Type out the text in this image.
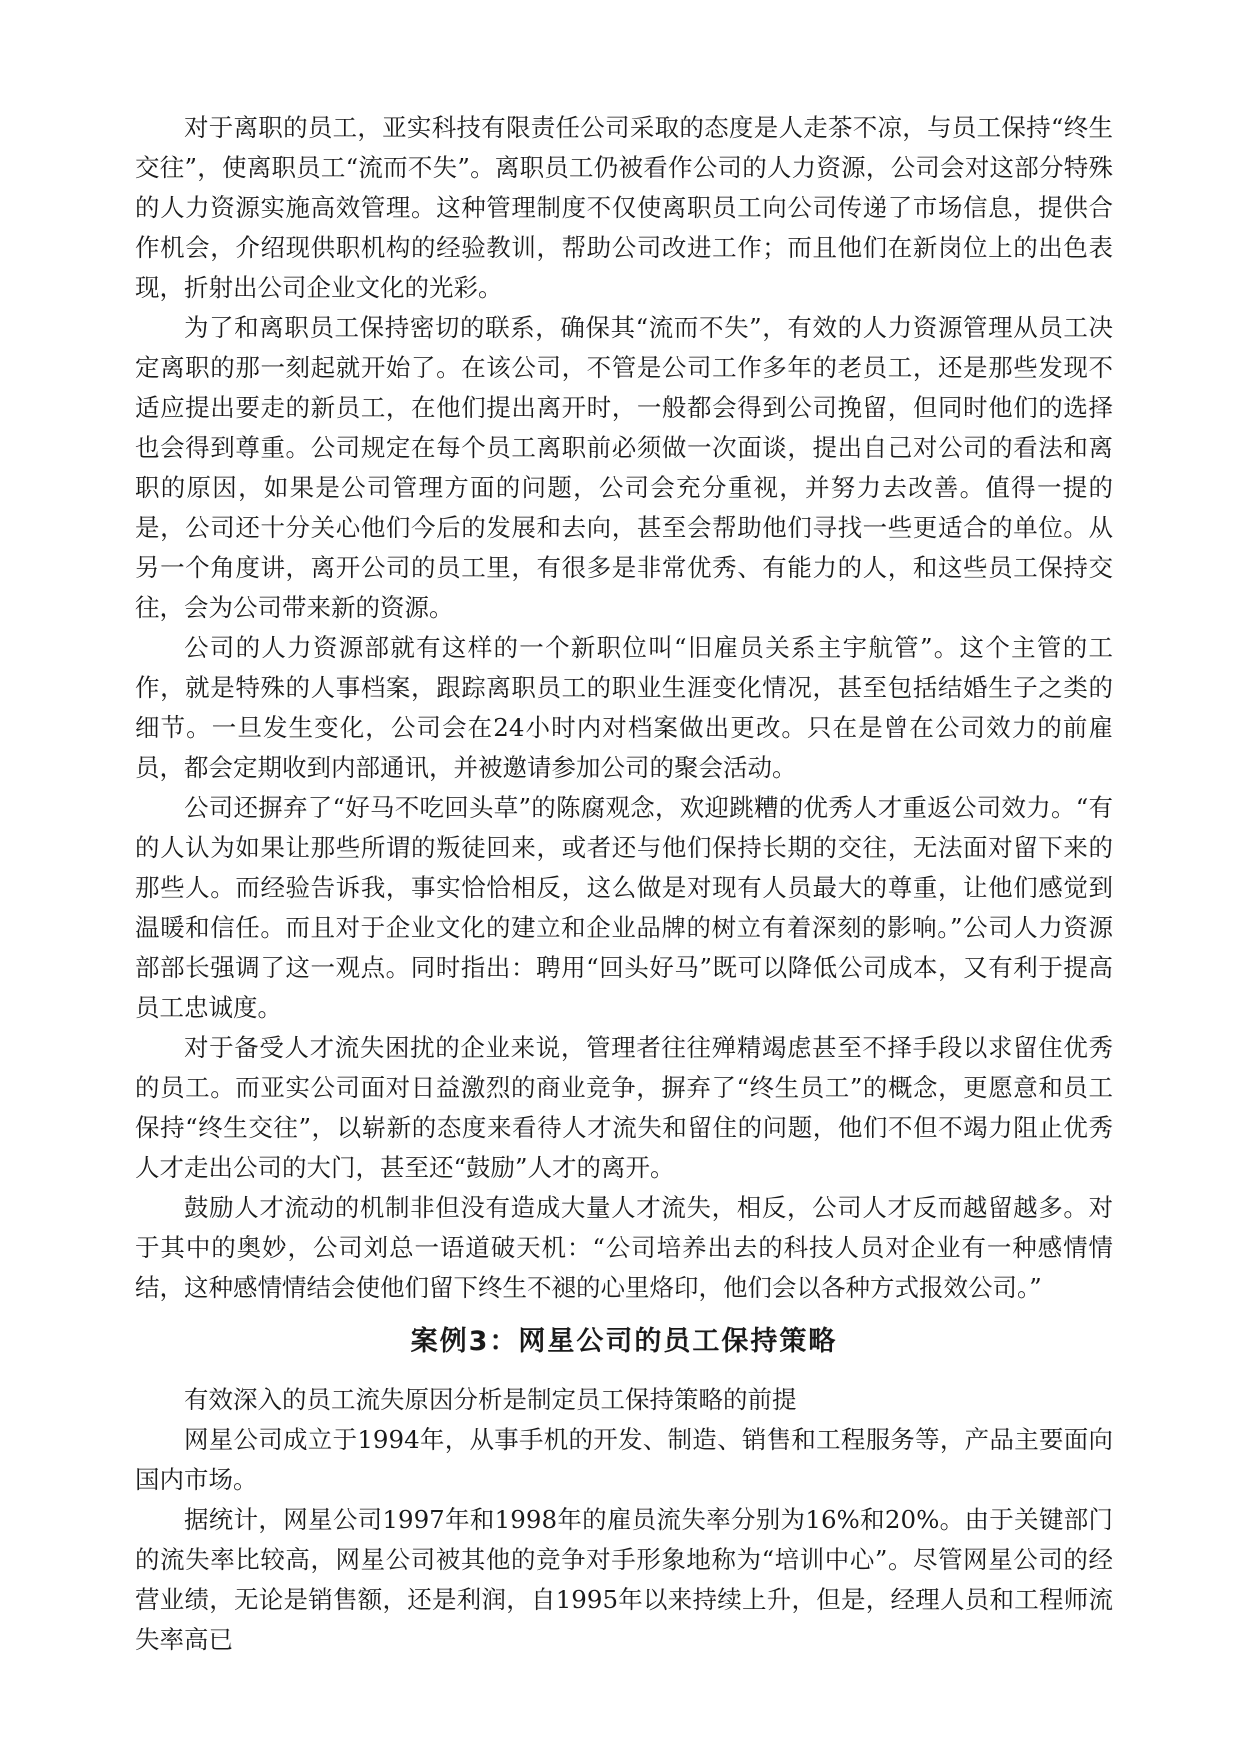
对于离职的员工，亚实科技有限责任公司采取的态度是人走茶不凉，与员工保持“终生交往”，使离职员工“流而不失”。离职员工仍被看作公司的人力资源，公司会对这部分特殊的人力资源实施高效管理。这种管理制度不仅使离职员工向公司传递了市场信息，提供合作机会，介绍现供职机构的经验教训，帮助公司改进工作；而且他们在新岗位上的出色表现，折射出公司企业文化的光彩。

为了和离职员工保持密切的联系，确保其“流而不失”，有效的人力资源管理从员工决定离职的那一刻起就开始了。在该公司，不管是公司工作多年的老员工，还是那些发现不适应提出要走的新员工，在他们提出离开时，一般都会得到公司挽留，但同时他们的选择也会得到尊重。公司规定在每个员工离职前必须做一次面谈，提出自己对公司的看法和离职的原因，如果是公司管理方面的问题，公司会充分重视，并努力去改善。值得一提的是，公司还十分关心他们今后的发展和去向，甚至会帮助他们寻找一些更适合的单位。从另一个角度讲，离开公司的员工里，有很多是非常优秀、有能力的人，和这些员工保持交往，会为公司带来新的资源。

公司的人力资源部就有这样的一个新职位叫“旧雇员关系主宇航管”。这个主管的工作，就是特殊的人事档案，跟踪离职员工的职业生涯变化情况，甚至包括结婚生子之类的细节。一旦发生变化，公司会在24小时内对档案做出更改。只在是曾在公司效力的前雇员，都会定期收到内部通讯，并被邀请参加公司的聚会活动。

公司还摒弃了“好马不吃回头草”的陈腐观念，欢迎跳糟的优秀人才重返公司效力。“有的人认为如果让那些所谓的叛徒回来，或者还与他们保持长期的交往，无法面对留下来的那些人。而经验告诉我，事实恰恰相反，这么做是对现有人员最大的尊重，让他们感觉到温暖和信任。而且对于企业文化的建立和企业品牌的树立有着深刻的影响。”公司人力资源部部长强调了这一观点。同时指出：聘用“回头好马”既可以降低公司成本，又有利于提高员工忠诚度。

对于备受人才流失困扰的企业来说，管理者往往殚精竭虑甚至不择手段以求留住优秀的员工。而亚实公司面对日益激烈的商业竞争，摒弃了“终生员工”的概念，更愿意和员工保持“终生交往”，以崭新的态度来看待人才流失和留住的问题，他们不但不竭力阻止优秀人才走出公司的大门，甚至还“鼓励”人才的离开。

鼓励人才流动的机制非但没有造成大量人才流失，相反，公司人才反而越留越多。对于其中的奥妙，公司刘总一语道破天机：“公司培养出去的科技人员对企业有一种感情情结，这种感情情结会使他们留下终生不褪的心里烙印，他们会以各种方式报效公司。”

案例3：网星公司的员工保持策略

有效深入的员工流失原因分析是制定员工保持策略的前提

网星公司成立于1994年，从事手机的开发、制造、销售和工程服务等，产品主要面向国内市场。

据统计，网星公司1997年和1998年的雇员流失率分别为16%和20%。由于关键部门的流失率比较高，网星公司被其他的竞争对手形象地称为“培训中心”。尽管网星公司的经营业绩，无论是销售额，还是利润，自1995年以来持续上升，但是，经理人员和工程师流失率高已
